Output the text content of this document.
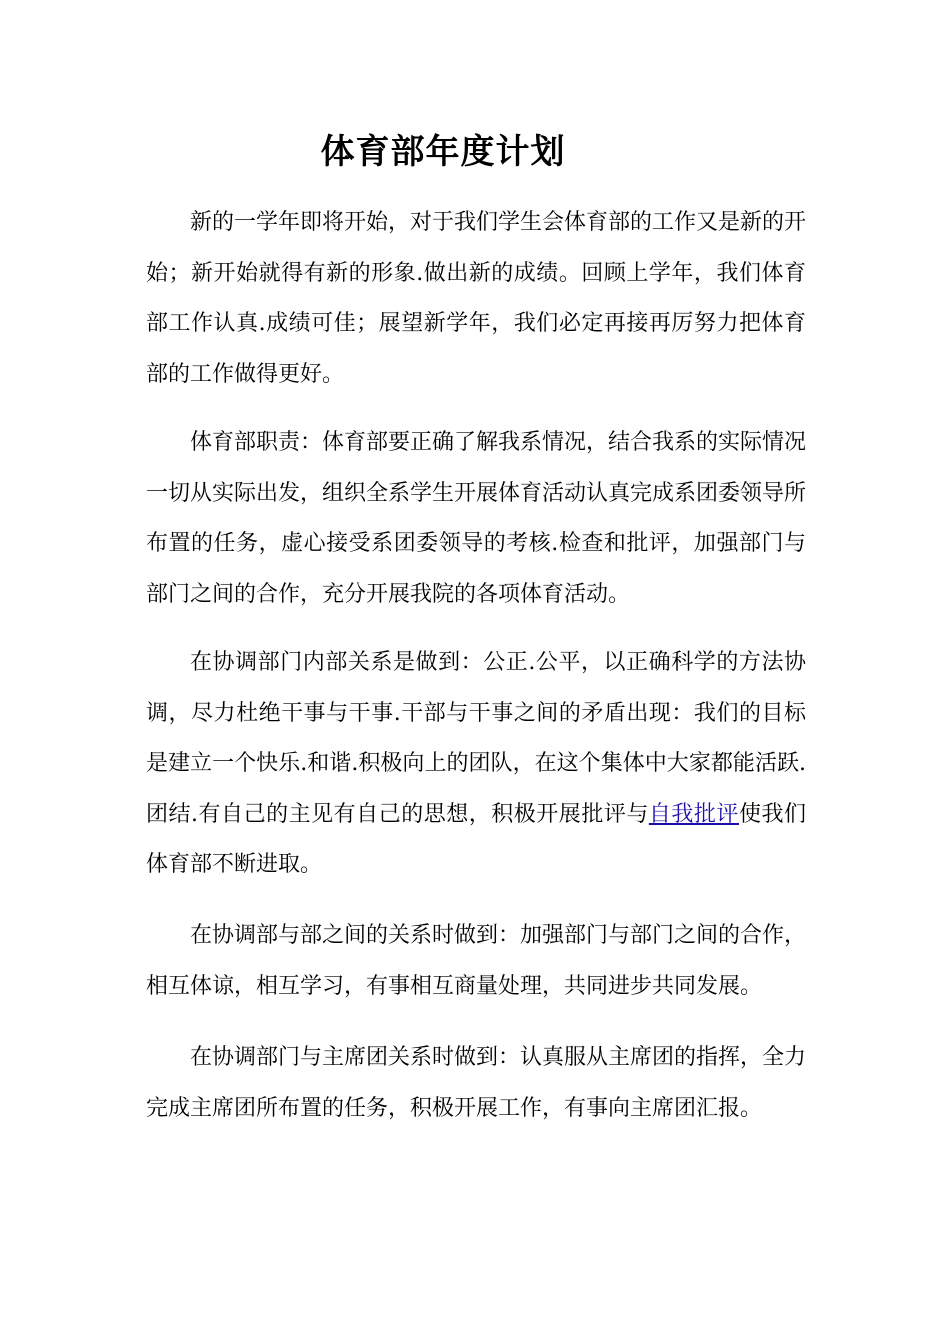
体育部年度计划

新的一学年即将开始，对于我们学生会体育部的工作又是新的开始；新开始就得有新的形象.做出新的成绩。回顾上学年，我们体育部工作认真.成绩可佳；展望新学年，我们必定再接再厉努力把体育部的工作做得更好。

体育部职责：体育部要正确了解我系情况，结合我系的实际情况一切从实际出发，组织全系学生开展体育活动认真完成系团委领导所布置的任务，虚心接受系团委领导的考核.检查和批评，加强部门与部门之间的合作，充分开展我院的各项体育活动。

在协调部门内部关系是做到：公正.公平，以正确科学的方法协调，尽力杜绝干事与干事.干部与干事之间的矛盾出现：我们的目标是建立一个快乐.和谐.积极向上的团队，在这个集体中大家都能活跃.团结.有自己的主见有自己的思想，积极开展批评与自我批评使我们体育部不断进取。

在协调部与部之间的关系时做到：加强部门与部门之间的合作，相互体谅，相互学习，有事相互商量处理，共同进步共同发展。

在协调部门与主席团关系时做到：认真服从主席团的指挥，全力完成主席团所布置的任务，积极开展工作，有事向主席团汇报。
